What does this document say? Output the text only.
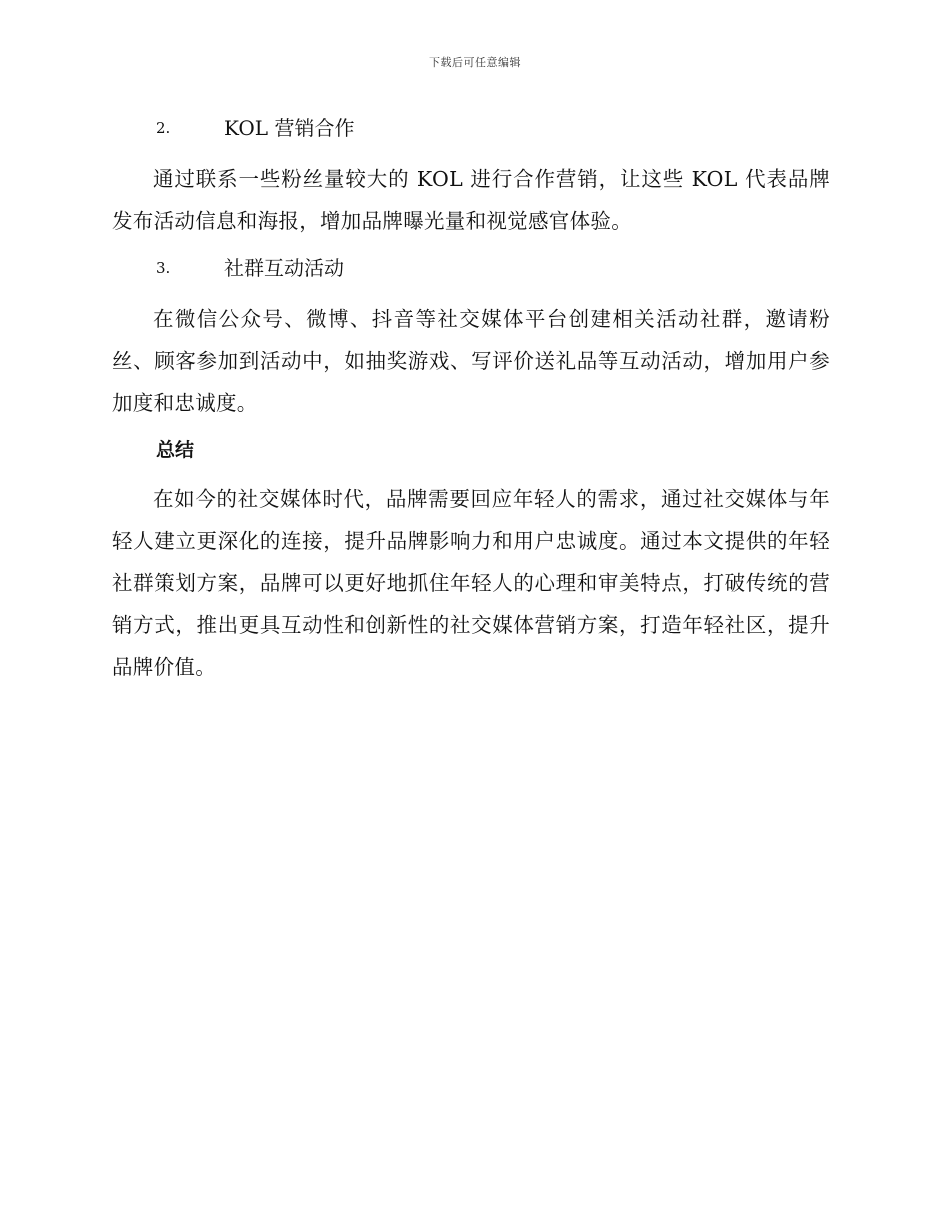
下载后可任意编辑
2.	KOL 营销合作

通过联系一些粉丝量较大的 KOL 进行合作营销，让这些 KOL 代表品牌发布活动信息和海报，增加品牌曝光量和视觉感官体验。

3.	社群互动活动

在微信公众号、微博、抖音等社交媒体平台创建相关活动社群，邀请粉丝、顾客参加到活动中，如抽奖游戏、写评价送礼品等互动活动，增加用户参加度和忠诚度。

总结

在如今的社交媒体时代，品牌需要回应年轻人的需求，通过社交媒体与年轻人建立更深化的连接，提升品牌影响力和用户忠诚度。通过本文提供的年轻社群策划方案，品牌可以更好地抓住年轻人的心理和审美特点，打破传统的营销方式，推出更具互动性和创新性的社交媒体营销方案，打造年轻社区，提升品牌价值。
